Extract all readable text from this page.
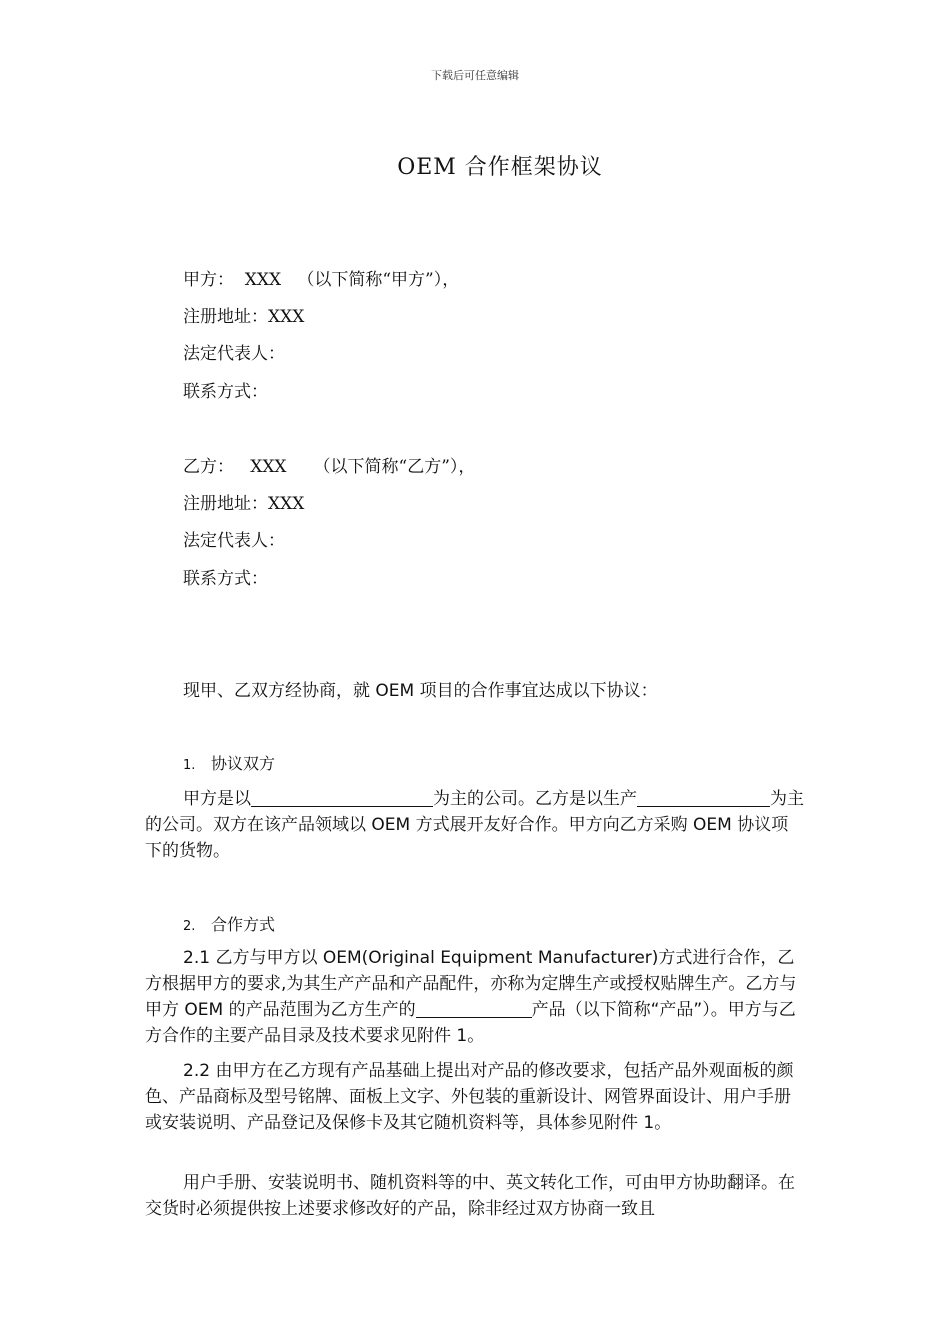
下载后可任意编辑
OEM 合作框架协议
甲方：  XXX   （以下简称“甲方”），
注册地址：XXX
法定代表人：
联系方式：
乙方：   XXX     （以下简称“乙方”），
注册地址：XXX
法定代表人：
联系方式：
现甲、乙双方经协商，就 OEM 项目的合作事宜达成以下协议：
1. 协议双方

甲方是以	为主的公司。乙方是以生产	为主的公司。双方在该产品领域以 OEM 方式展开友好合作。甲方向乙方采购 OEM 协议项下的货物。

2. 合作方式

2.1 乙方与甲方以 OEM(Original Equipment Manufacturer)方式进行合作，乙方根据甲方的要求,为其生产产品和产品配件，亦称为定牌生产或授权贴牌生产。乙方与甲方 OEM 的产品范围为乙方生产的	产品（以下简称“产品”）。甲方与乙方合作的主要产品目录及技术要求见附件 1。

2.2 由甲方在乙方现有产品基础上提出对产品的修改要求，包括产品外观面板的颜色、产品商标及型号铭牌、面板上文字、外包装的重新设计、网管界面设计、用户手册或安装说明、产品登记及保修卡及其它随机资料等，具体参见附件 1。

用户手册、安装说明书、随机资料等的中、英文转化工作，可由甲方协助翻译。在交货时必须提供按上述要求修改好的产品，除非经过双方协商一致且
